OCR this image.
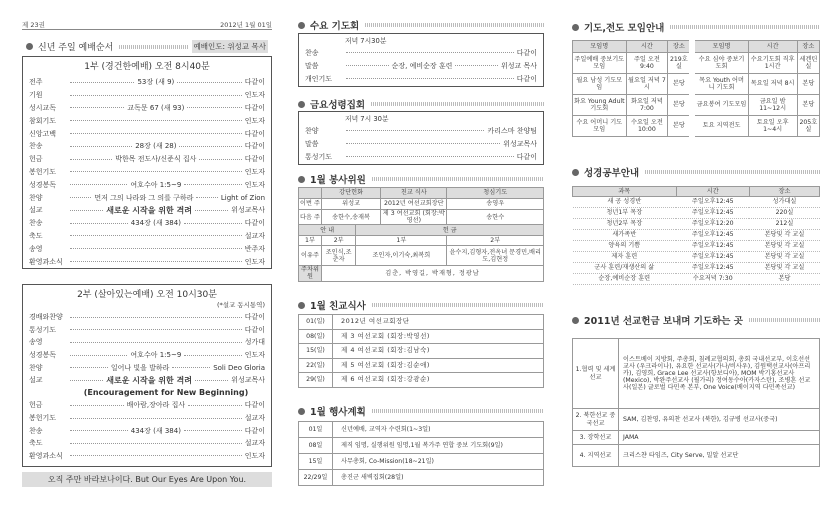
제 23권	2012년 1월 01일
신년 주일 예배순서	예배인도: 위성교 목사
1부 (경건한예배) 오전 8시40분
전주	53장 (새 9)	다같이
기원	인도자
성시교독	교독문 67 (새 93)	다같이
참회기도	인도자
신앙고백	다같이
찬송	28장 (새 28)	다같이
헌금	박한목 전도사/신준식 집사	다같이
봉헌기도	인도자
성경봉독	여호수아 1:5~9	인도자
찬양	먼저 그의 나라와 그 의를 구하라	Light of Zion
설교	새로운 시작을 위한 격려	위성교목사
찬송	434장 (새 384)	다같이
축도	설교자
송영	반주자
환영과소식	인도자
2부 (살아있는예배) 오전 10시30분
(*설교 동시통역)
경배와찬양	다같이
통성기도	다같이
송영	성가대
성경봉독	여호수아 1:5~9	인도자
찬양	일어나 빛을 발하라	Soli Deo Gloria
설교	새로운 시작을 위한 격려	위성교목사
(Encouragement for New Beginning)
헌금	배아람,장아라 집사	다같이
봉헌기도	설교자
찬송	434장 (새 384)	다같이
축도	설교자
환영과소식	인도자
오직 주만 바라보나이다. But Our Eyes Are Upon You.
수요 기도회
저녁 7시30분
찬송	다같이
말씀	순장, 예비순장 훈련	위성교 목사
개인기도	다같이
금요성령집회
저녁 7시 30분
찬양	카리스마 찬양팀
말씀	위성교목사
통성기도	다같이
1월 봉사위원
	강단헌화		친교 식사	청심기도
이번 주	위성교		2012년 여선교회장단	송영우
다음 주	송한수,송재복		제 3 여선교회 (회장:박영선)	송한수
안 내		헌 금		
1부	2부	1부		2부
이유주	조인식,조춘자	조인자,이기숙,최복희		윤수지,김형자,전옥녀 문경민,배리도,김현정
주차위원	김춘, 박영길, 박재형, 정광남			
1월 친교식사
01(일)	2012년 여선교회장단
08(일)	제 3 여선교회 (회장:박영선)
15(일)	제 4 여선교회 (회장:김남숙)
22(일)	제 5 여선교회 (회장:김순애)
29(일)	제 6 여선교회 (회장:강광순)
1월 행사계획
01일	신년예배, 교역자 수련회(1~3일)
08일	제직 임명, 실행위원 임명,1월 복가주 연합 중보 기도회(9일)
15일	사무총회, Co-Mission(18~21일)
22/29일	총진군 새벽집회(28일)
기도,전도 모임안내
모임명	시간	장소	모임명	시간	장소
주일예배 중보기도모임	주일 오전 9:40	219호실	수요 심야 중보기도회	수요기도회 직후 1시간	세겐틴실
월요 남성 기도모임	월요일 저녁 7시	본당	목요 Youth 어머니 기도회	목요일 저녁 8시	본당
화요 Young Adult 기도회	화요일 저녁7:00	본당	금요봉여 기도모임	금요일 밤 11~12시	본당
수요 어머니 기도 모임	수요일 오전 10:00	본당	토요 지역전도	토요일 오후 1~4시	205호실
성경공부안내
과목	시간	장소
새 공 성경반	주일오후12:45	성가대실
청년1부 목장	주일오후12:45	220실
청년2부 목장	주일오후12:20	212실
새가족반	주일오후12:45	본당및 각 교실
양육의 기쁨	주일오후12:45	본당및 각 교실
제자 훈련	주일오후12:45	본당및 각 교실
군사 훈련/재생산의 삶	주일오후12:45	본당및 각 교실
순장,예비순장 훈련	수요저녁 7:30	본당
2011년 선교헌금 보내며 기도하는 곳
1.협력 및 세계선교	이스트베이 지방회, 주총회, 침례교협의회, 총회 국내선교부, 이호선선교사 (우크라이나), 유요한 선교사(가나/비사우), 김원택선교사(아프리카), 김영희, Grace Lee 선교사(항보디아), MOM 박기홍선교사 (Mexico), 박완주선교사 (필가리) 정여동수아(카자스탄), 조병혼 선교사(일본) 글로벌 다민족 본부, One Voice(베이지역 다민족선교)
2. 북한선교 중국선교	SAM, 김찬영, 유의찬 선교사 (북한), 김규병 선교사(중국)
3. 장학선교	JAMA
4. 지역선교	크리스챤 타임즈, City Serve, 밀알 선교단
